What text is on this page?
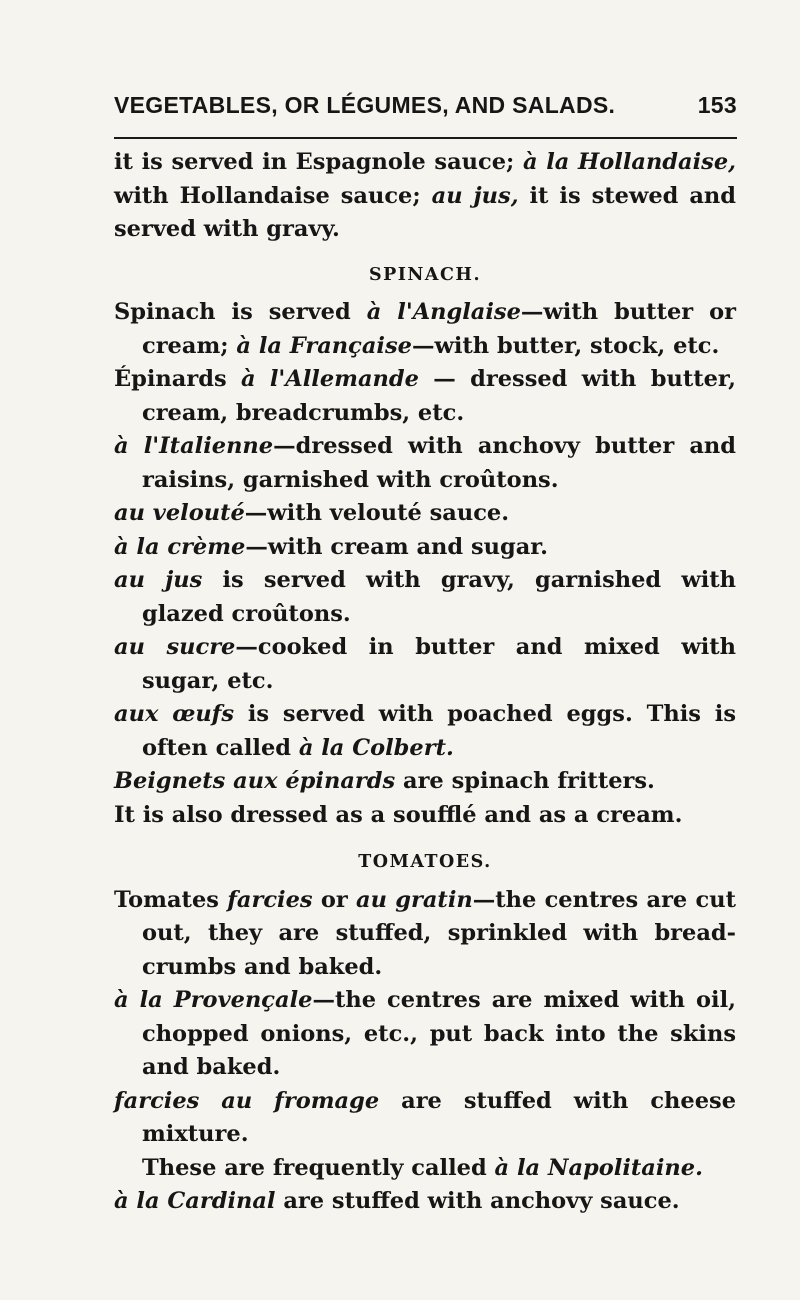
VEGETABLES, OR LÉGUMES, AND SALADS.	153

it is served in Espagnole sauce; à la Hollandaise, with Hollandaise sauce; au jus, it is stewed and served with gravy.

SPINACH.

Spinach is served à l'Anglaise—with butter or cream; à la Française—with butter, stock, etc.

Épinards à l'Allemande — dressed with butter, cream, breadcrumbs, etc.

à l'Italienne—dressed with anchovy butter and raisins, garnished with croûtons.

au velouté—with velouté sauce.

à la crème—with cream and sugar.

au jus is served with gravy, garnished with glazed croûtons.

au sucre—cooked in butter and mixed with sugar, etc.

aux œufs is served with poached eggs. This is often called à la Colbert.

Beignets aux épinards are spinach fritters.

It is also dressed as a soufflé and as a cream.

TOMATOES.

Tomates farcies or au gratin—the centres are cut out, they are stuffed, sprinkled with bread-crumbs and baked.

à la Provençale—the centres are mixed with oil, chopped onions, etc., put back into the skins and baked.

farcies au fromage are stuffed with cheese mixture.
These are frequently called à la Napolitaine.

à la Cardinal are stuffed with anchovy sauce.
